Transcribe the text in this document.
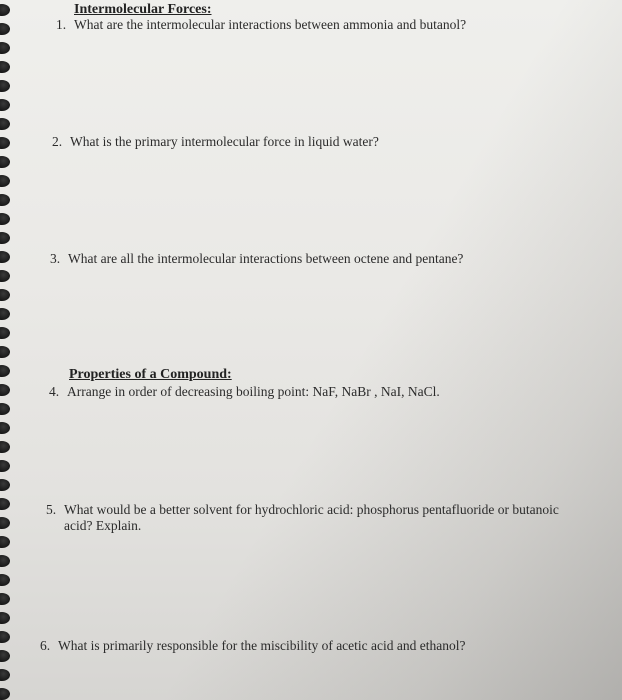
Intermolecular Forces:
1. What are the intermolecular interactions between ammonia and butanol?
2. What is the primary intermolecular force in liquid water?
3. What are all the intermolecular interactions between octene and pentane?
Properties of a Compound:
4. Arrange in order of decreasing boiling point: NaF, NaBr , NaI, NaCl.
5. What would be a better solvent for hydrochloric acid: phosphorus pentafluoride or butanoic
acid? Explain.
6. What is primarily responsible for the miscibility of acetic acid and ethanol?
